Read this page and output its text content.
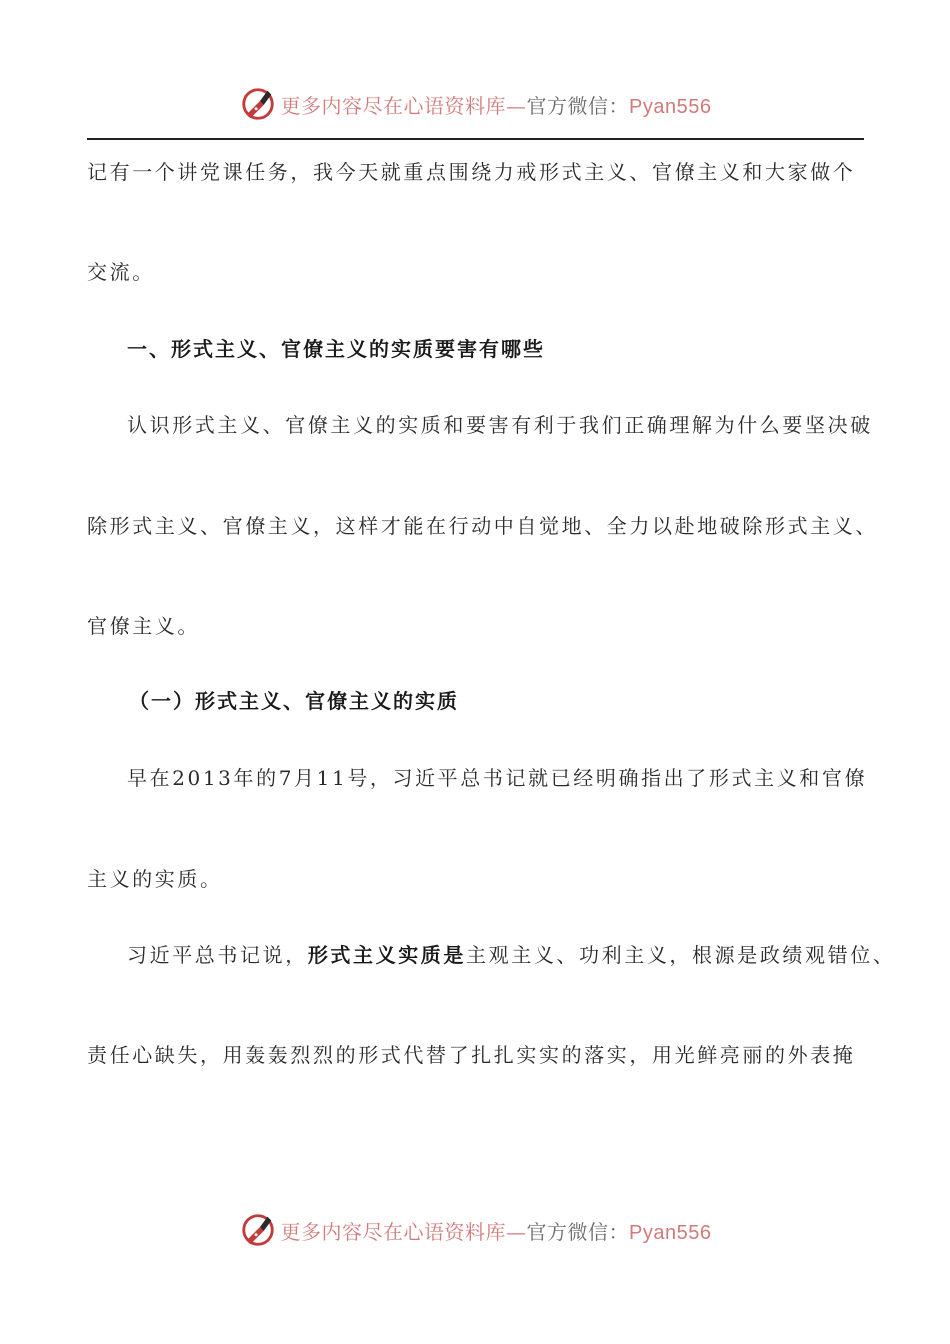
更多内容尽在心语资料库—官方微信：Pyan556
记有一个讲党课任务，我今天就重点围绕力戒形式主义、官僚主义和大家做个
交流。
一、形式主义、官僚主义的实质要害有哪些
认识形式主义、官僚主义的实质和要害有利于我们正确理解为什么要坚决破
除形式主义、官僚主义，这样才能在行动中自觉地、全力以赴地破除形式主义、
官僚主义。
（一）形式主义、官僚主义的实质
早在2013年的7月11号，习近平总书记就已经明确指出了形式主义和官僚
主义的实质。
习近平总书记说，形式主义实质是主观主义、功利主义，根源是政绩观错位、
责任心缺失，用轰轰烈烈的形式代替了扎扎实实的落实，用光鲜亮丽的外表掩
更多内容尽在心语资料库—官方微信：Pyan556
